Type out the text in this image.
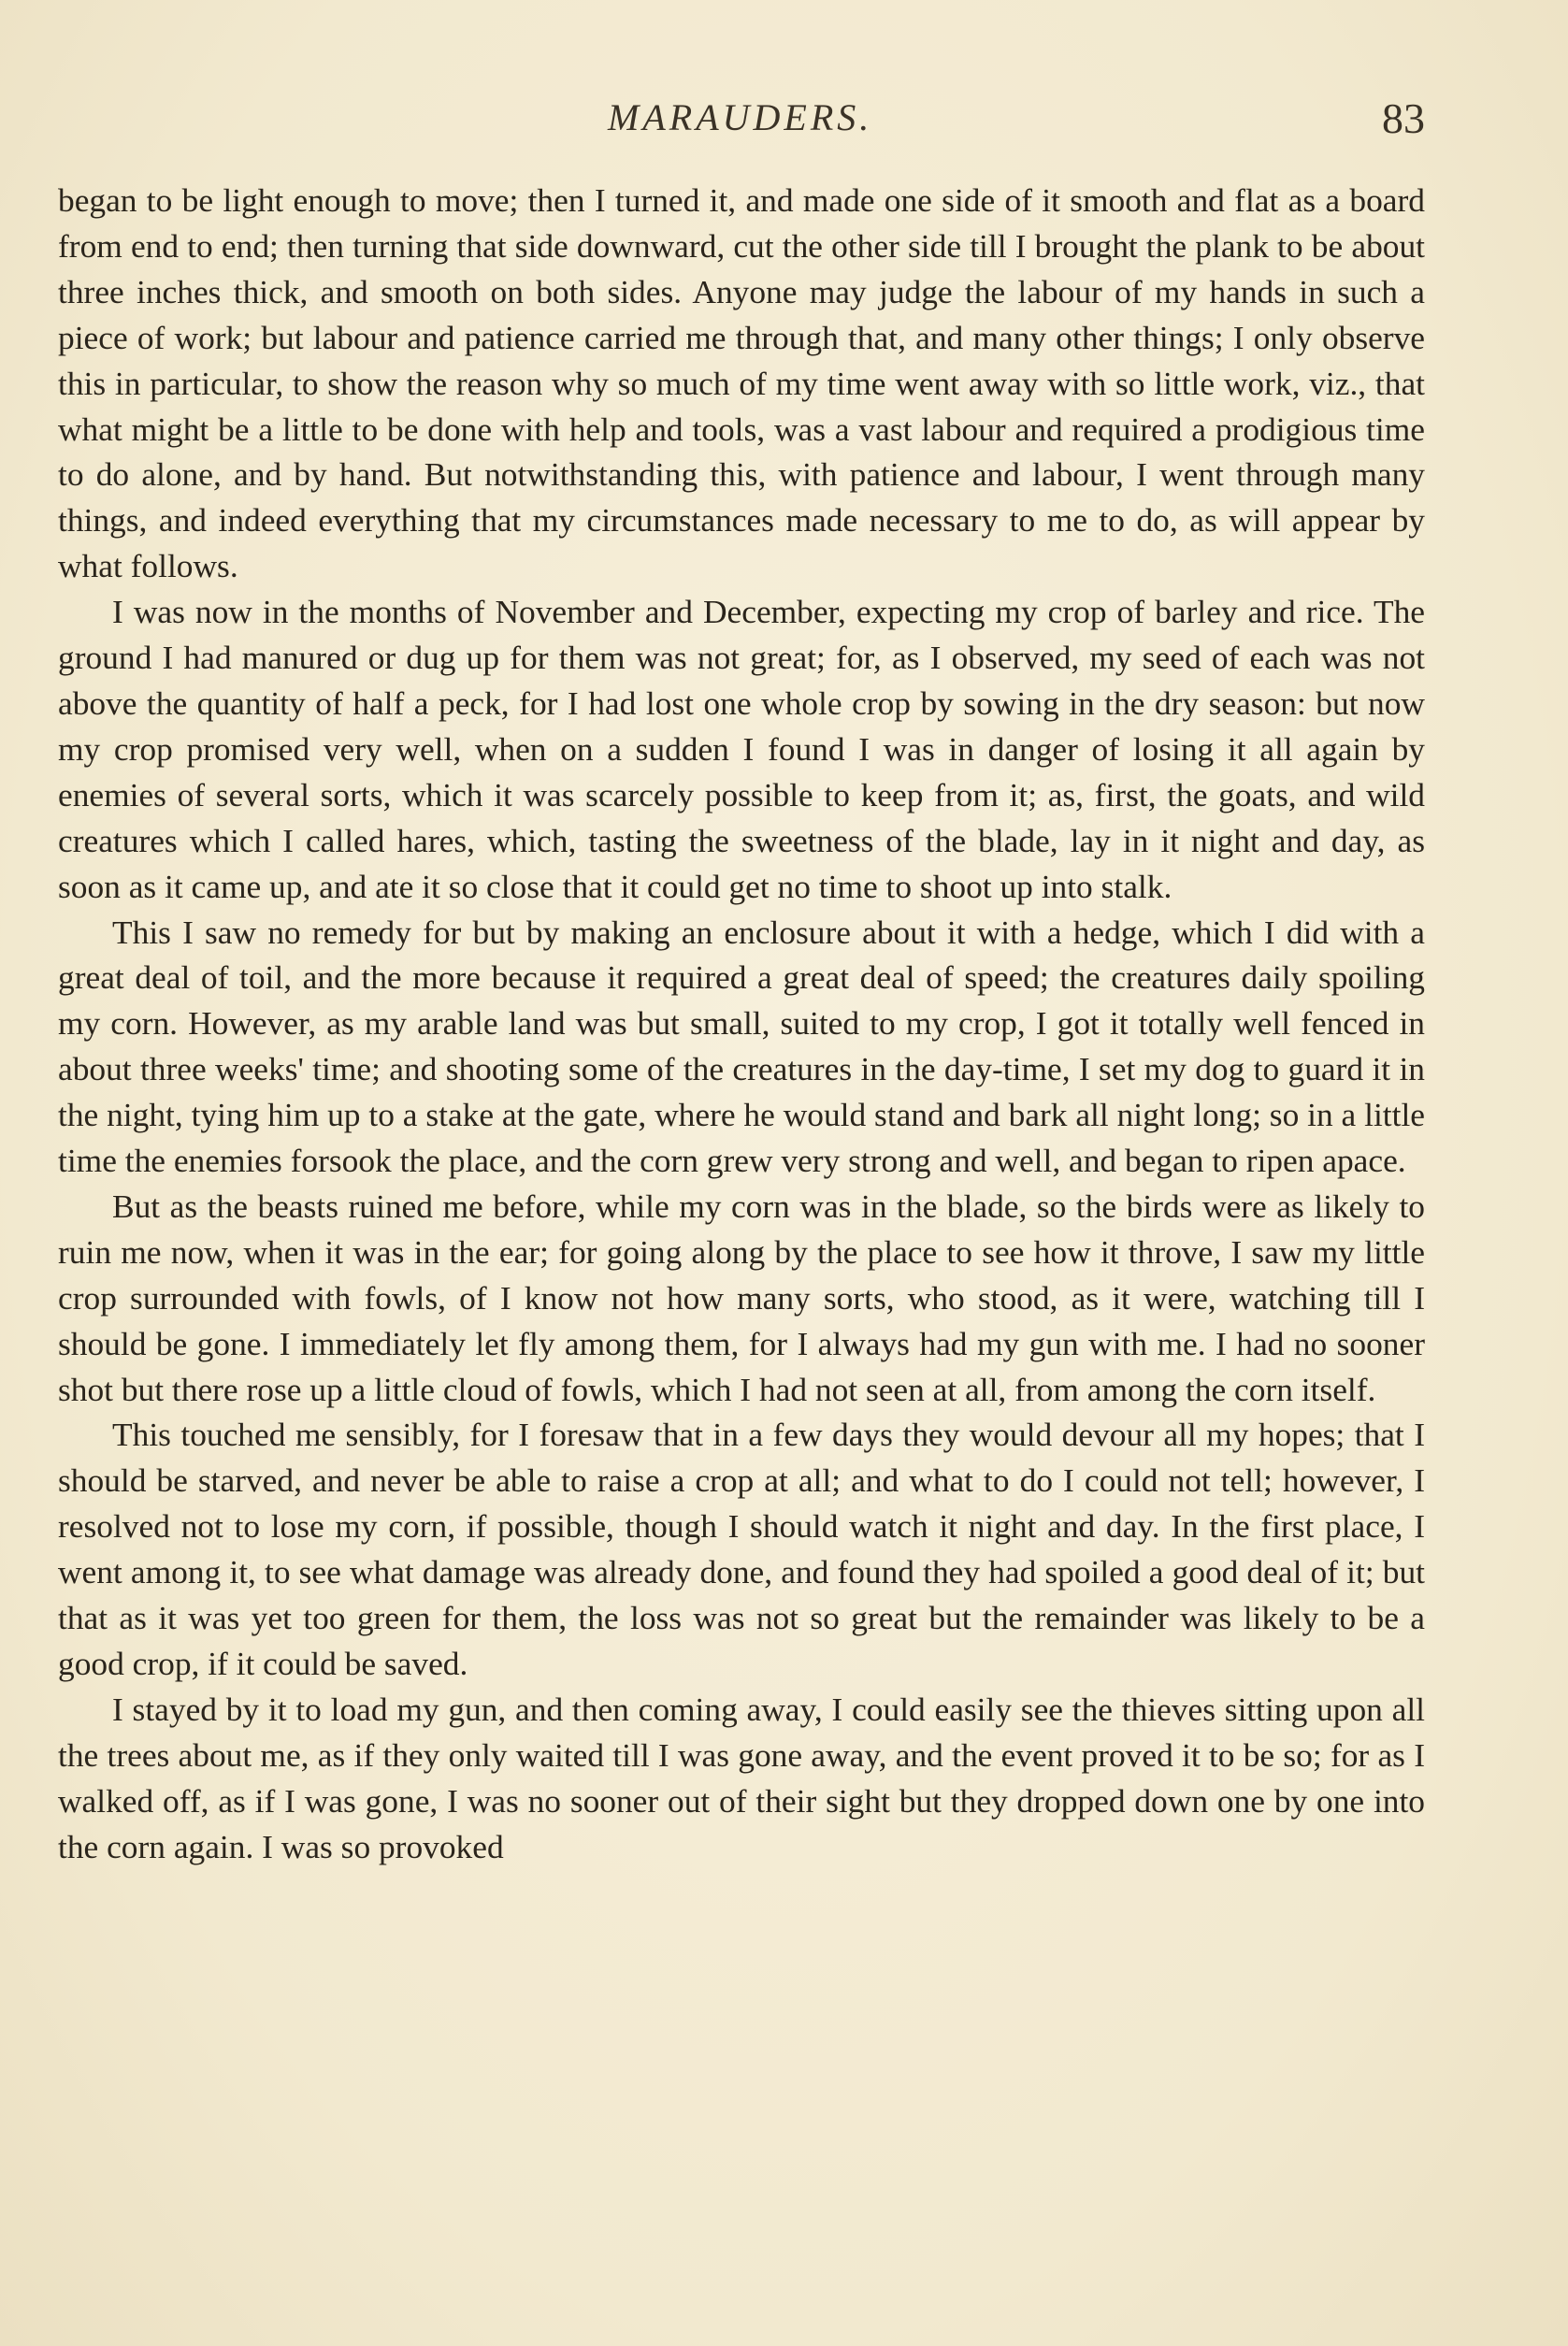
MARAUDERS.	83

began to be light enough to move; then I turned it, and made one side of it smooth and flat as a board from end to end; then turning that side downward, cut the other side till I brought the plank to be about three inches thick, and smooth on both sides. Anyone may judge the labour of my hands in such a piece of work; but labour and patience carried me through that, and many other things; I only observe this in particular, to show the reason why so much of my time went away with so little work, viz., that what might be a little to be done with help and tools, was a vast labour and required a prodigious time to do alone, and by hand. But notwithstanding this, with patience and labour, I went through many things, and indeed everything that my circumstances made necessary to me to do, as will appear by what follows.

I was now in the months of November and December, expecting my crop of barley and rice. The ground I had manured or dug up for them was not great; for, as I observed, my seed of each was not above the quantity of half a peck, for I had lost one whole crop by sowing in the dry season: but now my crop promised very well, when on a sudden I found I was in danger of losing it all again by enemies of several sorts, which it was scarcely possible to keep from it; as, first, the goats, and wild creatures which I called hares, which, tasting the sweetness of the blade, lay in it night and day, as soon as it came up, and ate it so close that it could get no time to shoot up into stalk.

This I saw no remedy for but by making an enclosure about it with a hedge, which I did with a great deal of toil, and the more because it required a great deal of speed; the creatures daily spoiling my corn. However, as my arable land was but small, suited to my crop, I got it totally well fenced in about three weeks' time; and shooting some of the creatures in the day-time, I set my dog to guard it in the night, tying him up to a stake at the gate, where he would stand and bark all night long; so in a little time the enemies forsook the place, and the corn grew very strong and well, and began to ripen apace.

But as the beasts ruined me before, while my corn was in the blade, so the birds were as likely to ruin me now, when it was in the ear; for going along by the place to see how it throve, I saw my little crop surrounded with fowls, of I know not how many sorts, who stood, as it were, watching till I should be gone. I immediately let fly among them, for I always had my gun with me. I had no sooner shot but there rose up a little cloud of fowls, which I had not seen at all, from among the corn itself.

This touched me sensibly, for I foresaw that in a few days they would devour all my hopes; that I should be starved, and never be able to raise a crop at all; and what to do I could not tell; however, I resolved not to lose my corn, if possible, though I should watch it night and day. In the first place, I went among it, to see what damage was already done, and found they had spoiled a good deal of it; but that as it was yet too green for them, the loss was not so great but the remainder was likely to be a good crop, if it could be saved.

I stayed by it to load my gun, and then coming away, I could easily see the thieves sitting upon all the trees about me, as if they only waited till I was gone away, and the event proved it to be so; for as I walked off, as if I was gone, I was no sooner out of their sight but they dropped down one by one into the corn again. I was so provoked
